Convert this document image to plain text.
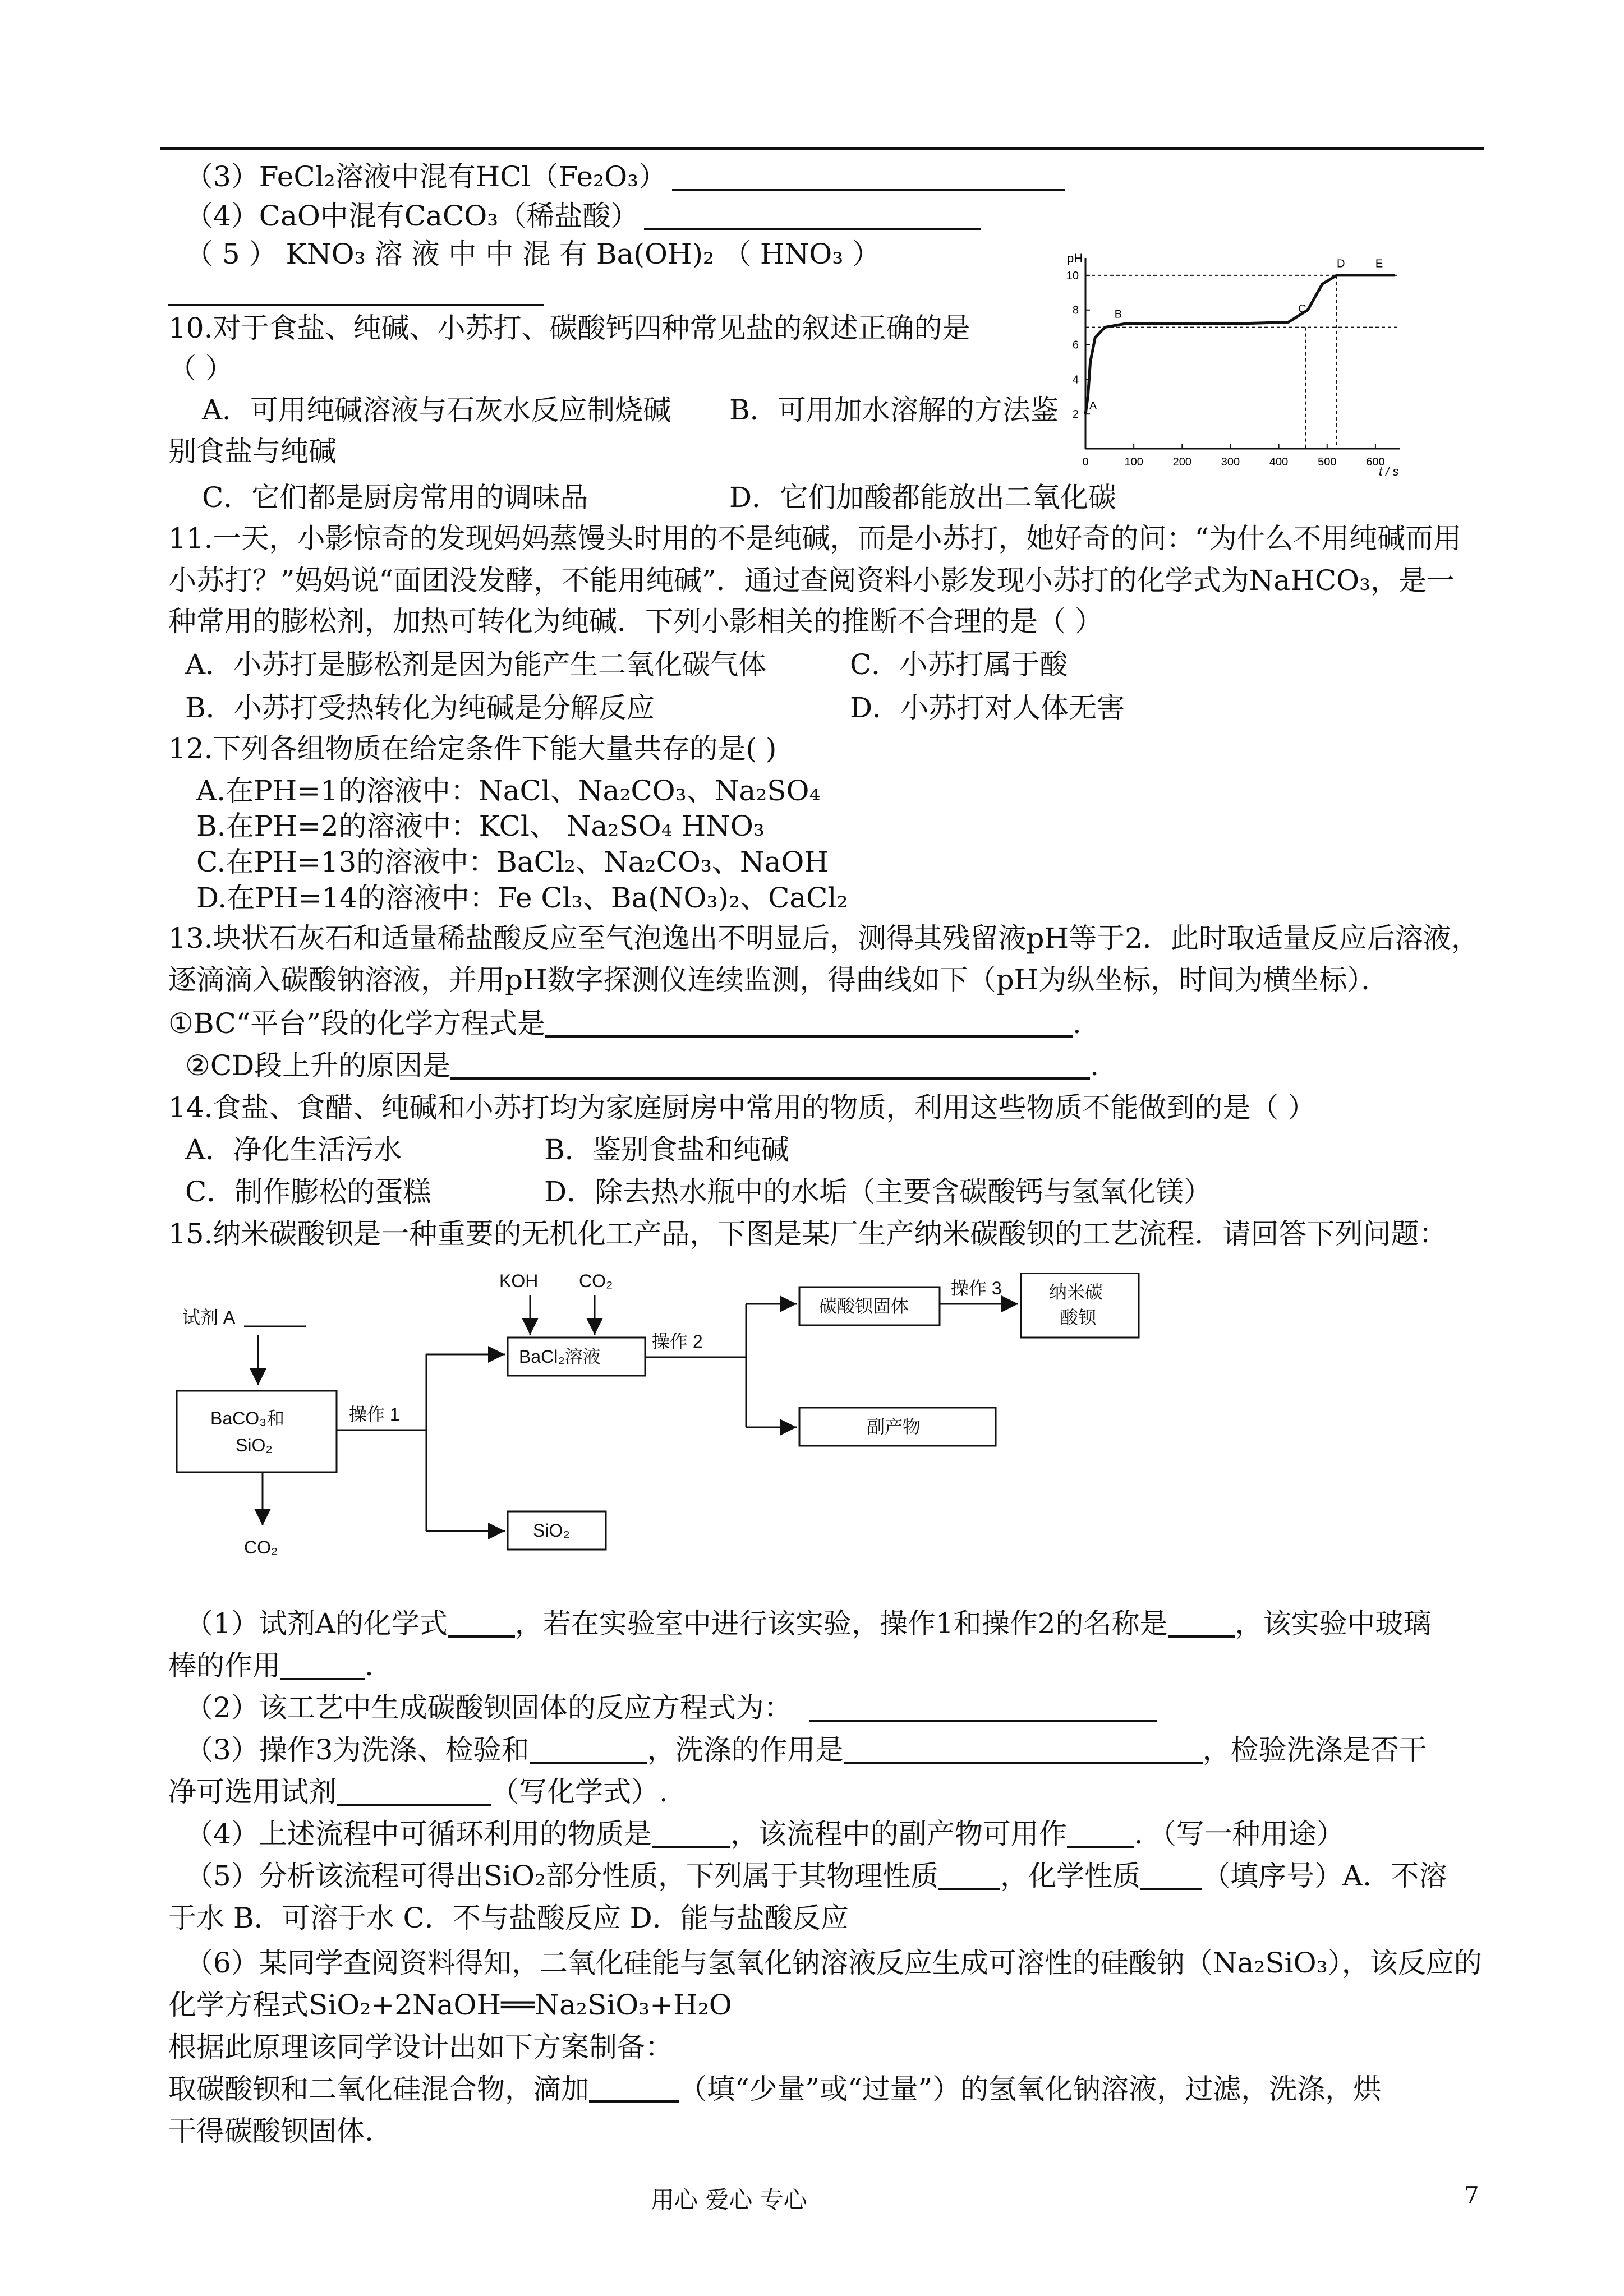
（3）FeCl₂溶液中混有HCl（Fe₂O₃）
（4）CaO中混有CaCO₃（稀盐酸）
（ 5 ） KNO₃ 溶 液 中 中 混 有 Ba(OH)₂ （ HNO₃ ）
10.对于食盐、纯碱、小苏打、碳酸钙四种常见盐的叙述正确的是
（ ）
A．可用纯碱溶液与石灰水反应制烧碱 B．可用加水溶解的方法鉴
别食盐与纯碱
C．它们都是厨房常用的调味品	D．它们加酸都能放出二氧化碳
11.一天，小影惊奇的发现妈妈蒸馒头时用的不是纯碱，而是小苏打，她好奇的问：“为什么不用纯碱而用
小苏打？”妈妈说“面团没发酵，不能用纯碱”．通过查阅资料小影发现小苏打的化学式为NaHCO₃，是一
种常用的膨松剂，加热可转化为纯碱．下列小影相关的推断不合理的是（ ）
A．小苏打是膨松剂是因为能产生二氧化碳气体	C．小苏打属于酸
B．小苏打受热转化为纯碱是分解反应	D．小苏打对人体无害
12.下列各组物质在给定条件下能大量共存的是( )
A.在PH=1的溶液中：NaCl、Na₂CO₃、Na₂SO₄
B.在PH=2的溶液中：KCl、 Na₂SO₄ HNO₃
C.在PH=13的溶液中：BaCl₂、Na₂CO₃、NaOH
D.在PH=14的溶液中：Fe Cl₃、Ba(NO₃)₂、CaCl₂
13.块状石灰石和适量稀盐酸反应至气泡逸出不明显后，测得其残留液pH等于2．此时取适量反应后溶液，
逐滴滴入碳酸钠溶液，并用pH数字探测仪连续监测，得曲线如下（pH为纵坐标，时间为横坐标）．
①BC“平台”段的化学方程式是	.
②CD段上升的原因是	.
14.食盐、食醋、纯碱和小苏打均为家庭厨房中常用的物质，利用这些物质不能做到的是（ ）
A．净化生活污水	B．鉴别食盐和纯碱
C．制作膨松的蛋糕	D．除去热水瓶中的水垢（主要含碳酸钙与氢氧化镁）
15.纳米碳酸钡是一种重要的无机化工产品，下图是某厂生产纳米碳酸钡的工艺流程．请回答下列问题：
pH
t / s
0	100	200	300	400	500	600
2
4
6
8
10
A
B	C
D	E
试剂 A
BaCO₃和
SiO₂
CO₂
操作 1
KOH CO₂
BaCl₂溶液
SiO₂
操作 2
碳酸钡固体
操作 3	纳米碳
酸钡
副产物
（1）试剂A的化学式 ，若在实验室中进行该实验，操作1和操作2的名称是 ，该实验中玻璃
棒的作用	.
（2）该工艺中生成碳酸钡固体的反应方程式为：
（3）操作3为洗涤、检验和	，洗涤的作用是	，检验洗涤是否干
净可选用试剂	（写化学式）.
（4）上述流程中可循环利用的物质是	，该流程中的副产物可用作 ．（写一种用途）
（5）分析该流程可得出SiO₂部分性质，下列属于其物理性质 ，化学性质 （填序号）A．不溶
于水 B．可溶于水 C．不与盐酸反应 D．能与盐酸反应
（6）某同学查阅资料得知，二氧化硅能与氢氧化钠溶液反应生成可溶性的硅酸钠（Na₂SiO₃），该反应的
化学方程式SiO₂+2NaOH══Na₂SiO₃+H₂O
根据此原理该同学设计出如下方案制备：
取碳酸钡和二氧化硅混合物，滴加	（填“少量”或“过量”）的氢氧化钠溶液，过滤，洗涤，烘
干得碳酸钡固体.
用心 爱心 专心	7
